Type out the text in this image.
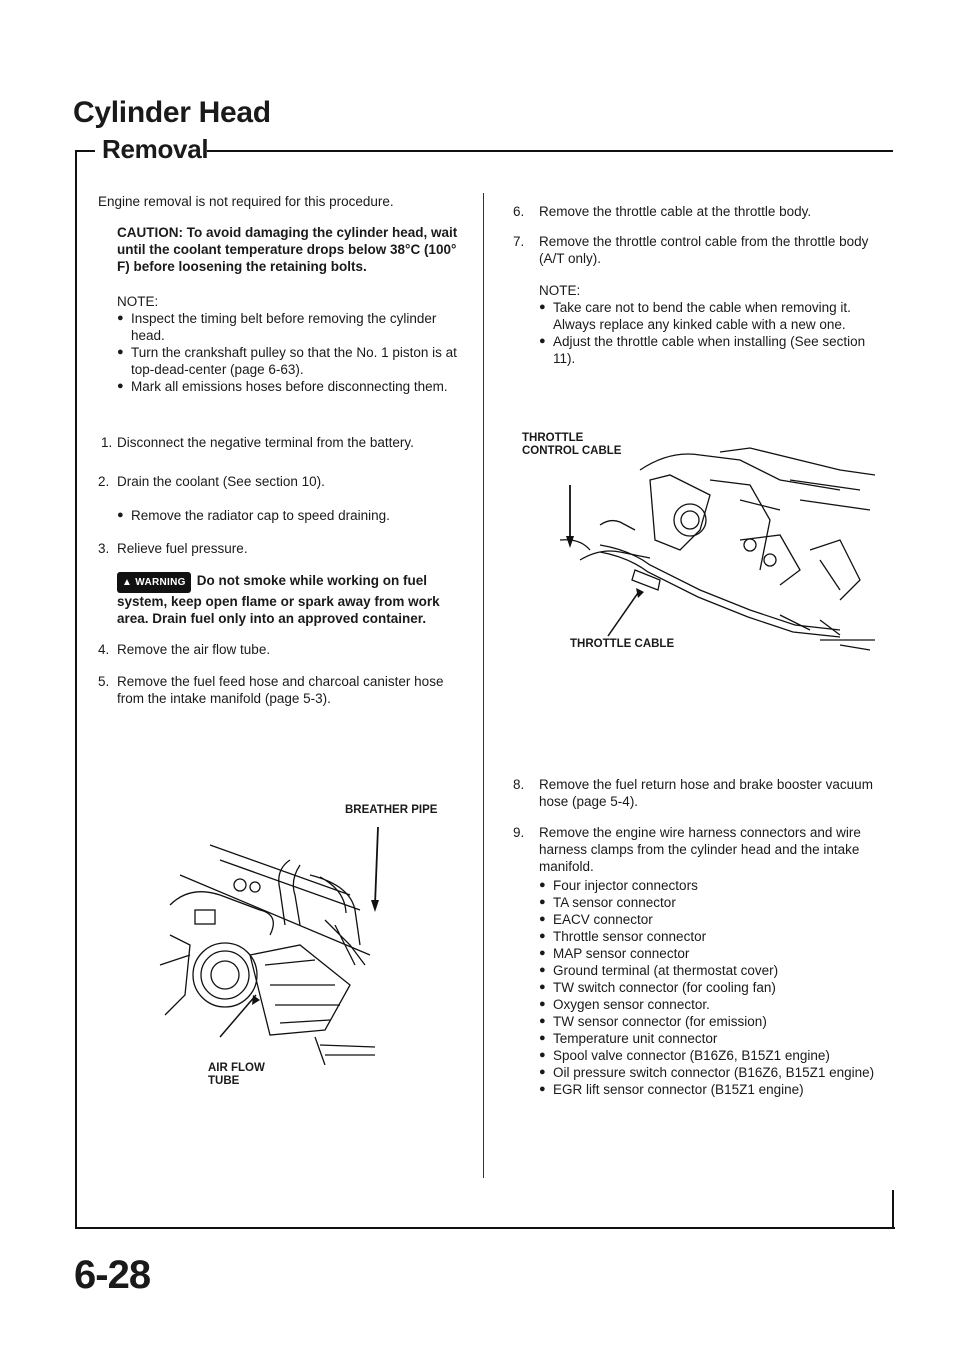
Cylinder Head
Removal
6-28

Engine removal is not required for this procedure.

CAUTION: To avoid damaging the cylinder head, wait until the coolant temperature drops below 38°C (100° F) before loosening the retaining bolts.

NOTE:

● Inspect the timing belt before removing the cylinder head.
● Turn the crankshaft pulley so that the No. 1 piston is at top-dead-center (page 6-63).
● Mark all emissions hoses before disconnecting them.
1. Disconnect the negative terminal from the battery.
2. Drain the coolant (See section 10).
● Remove the radiator cap to speed draining.
3. Relieve fuel pressure.
▲ WARNING Do not smoke while working on fuel system, keep open flame or spark away from work area. Drain fuel only into an approved container.
4. Remove the air flow tube.
5. Remove the fuel feed hose and charcoal canister hose from the intake manifold (page 5-3).
BREATHER PIPE
AIR FLOW
TUBE
6. Remove the throttle cable at the throttle body.
7. Remove the throttle control cable from the throttle body (A/T only).

NOTE:

● Take care not to bend the cable when removing it. Always replace any kinked cable with a new one.
● Adjust the throttle cable when installing (See section 11).
THROTTLE
CONTROL CABLE
THROTTLE CABLE
8. Remove the fuel return hose and brake booster vacuum hose (page 5-4).
9. Remove the engine wire harness connectors and wire harness clamps from the cylinder head and the intake manifold.
● Four injector connectors
● TA sensor connector
● EACV connector
● Throttle sensor connector
● MAP sensor connector
● Ground terminal (at thermostat cover)
● TW switch connector (for cooling fan)
● Oxygen sensor connector.
● TW sensor connector (for emission)
● Temperature unit connector
● Spool valve connector (B16Z6, B15Z1 engine)
● Oil pressure switch connector (B16Z6, B15Z1 engine)
● EGR lift sensor connector (B15Z1 engine)
